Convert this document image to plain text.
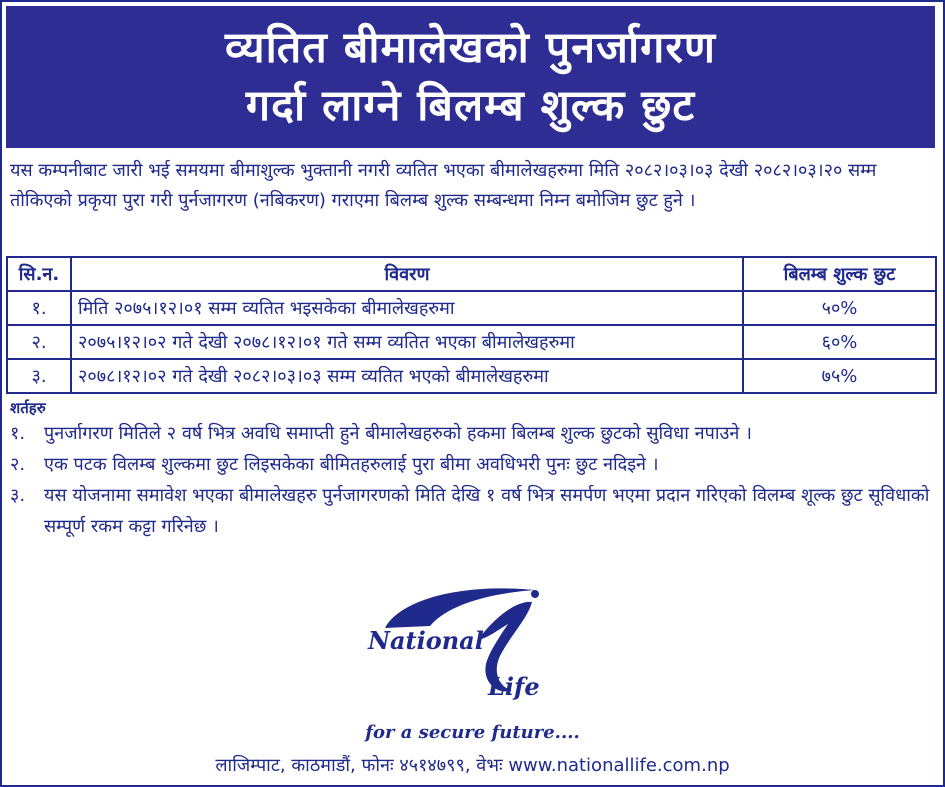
व्यतित बीमालेखको पुनर्जागरण
गर्दा लाग्ने बिलम्ब शुल्क छुट
यस कम्पनीबाट जारी भई समयमा बीमाशुल्क भुक्तानी नगरी व्यतित भएका बीमालेखहरुमा मिति २०८२।०३।०३ देखी २०८२।०३।२० सम्म तोकिएको प्रकृया पुरा गरी पुर्नजागरण (नबिकरण) गराएमा बिलम्ब शुल्क सम्बन्धमा निम्न बमोजिम छुट हुने ।
सि.न.	विवरण	बिलम्ब शुल्क छुट
१.	मिति २०७५।१२।०१ सम्म व्यतित भइसकेका बीमालेखहरुमा	५०%
२.	२०७५।१२।०२ गते देखी २०७८।१२।०१ गते सम्म व्यतित भएका बीमालेखहरुमा	६०%
३.	२०७८।१२।०२ गते देखी २०८२।०३।०३ सम्म व्यतित भएको बीमालेखहरुमा	७५%
शर्तहरु
१.	पुनर्जागरण मितिले २ वर्ष भित्र अवधि समाप्ती हुने बीमालेखहरुको हकमा बिलम्ब शुल्क छुटको सुविधा नपाउने ।
२.	एक पटक विलम्ब शुल्कमा छुट लिइसकेका बीमितहरुलाई पुरा बीमा अवधिभरी पुनः छुट नदिइने ।
३.	यस योजनामा समावेश भएका बीमालेखहरु पुर्नजागरणको मिति देखि १ वर्ष भित्र समर्पण भएमा प्रदान गरिएको विलम्ब शूल्क छुट सूविधाको सम्पूर्ण रकम कट्टा गरिनेछ ।
National
Life
for a secure future....
लाजिम्पाट, काठमाडौं, फोनः ४५१४७९९, वेभः www.nationallife.com.np
